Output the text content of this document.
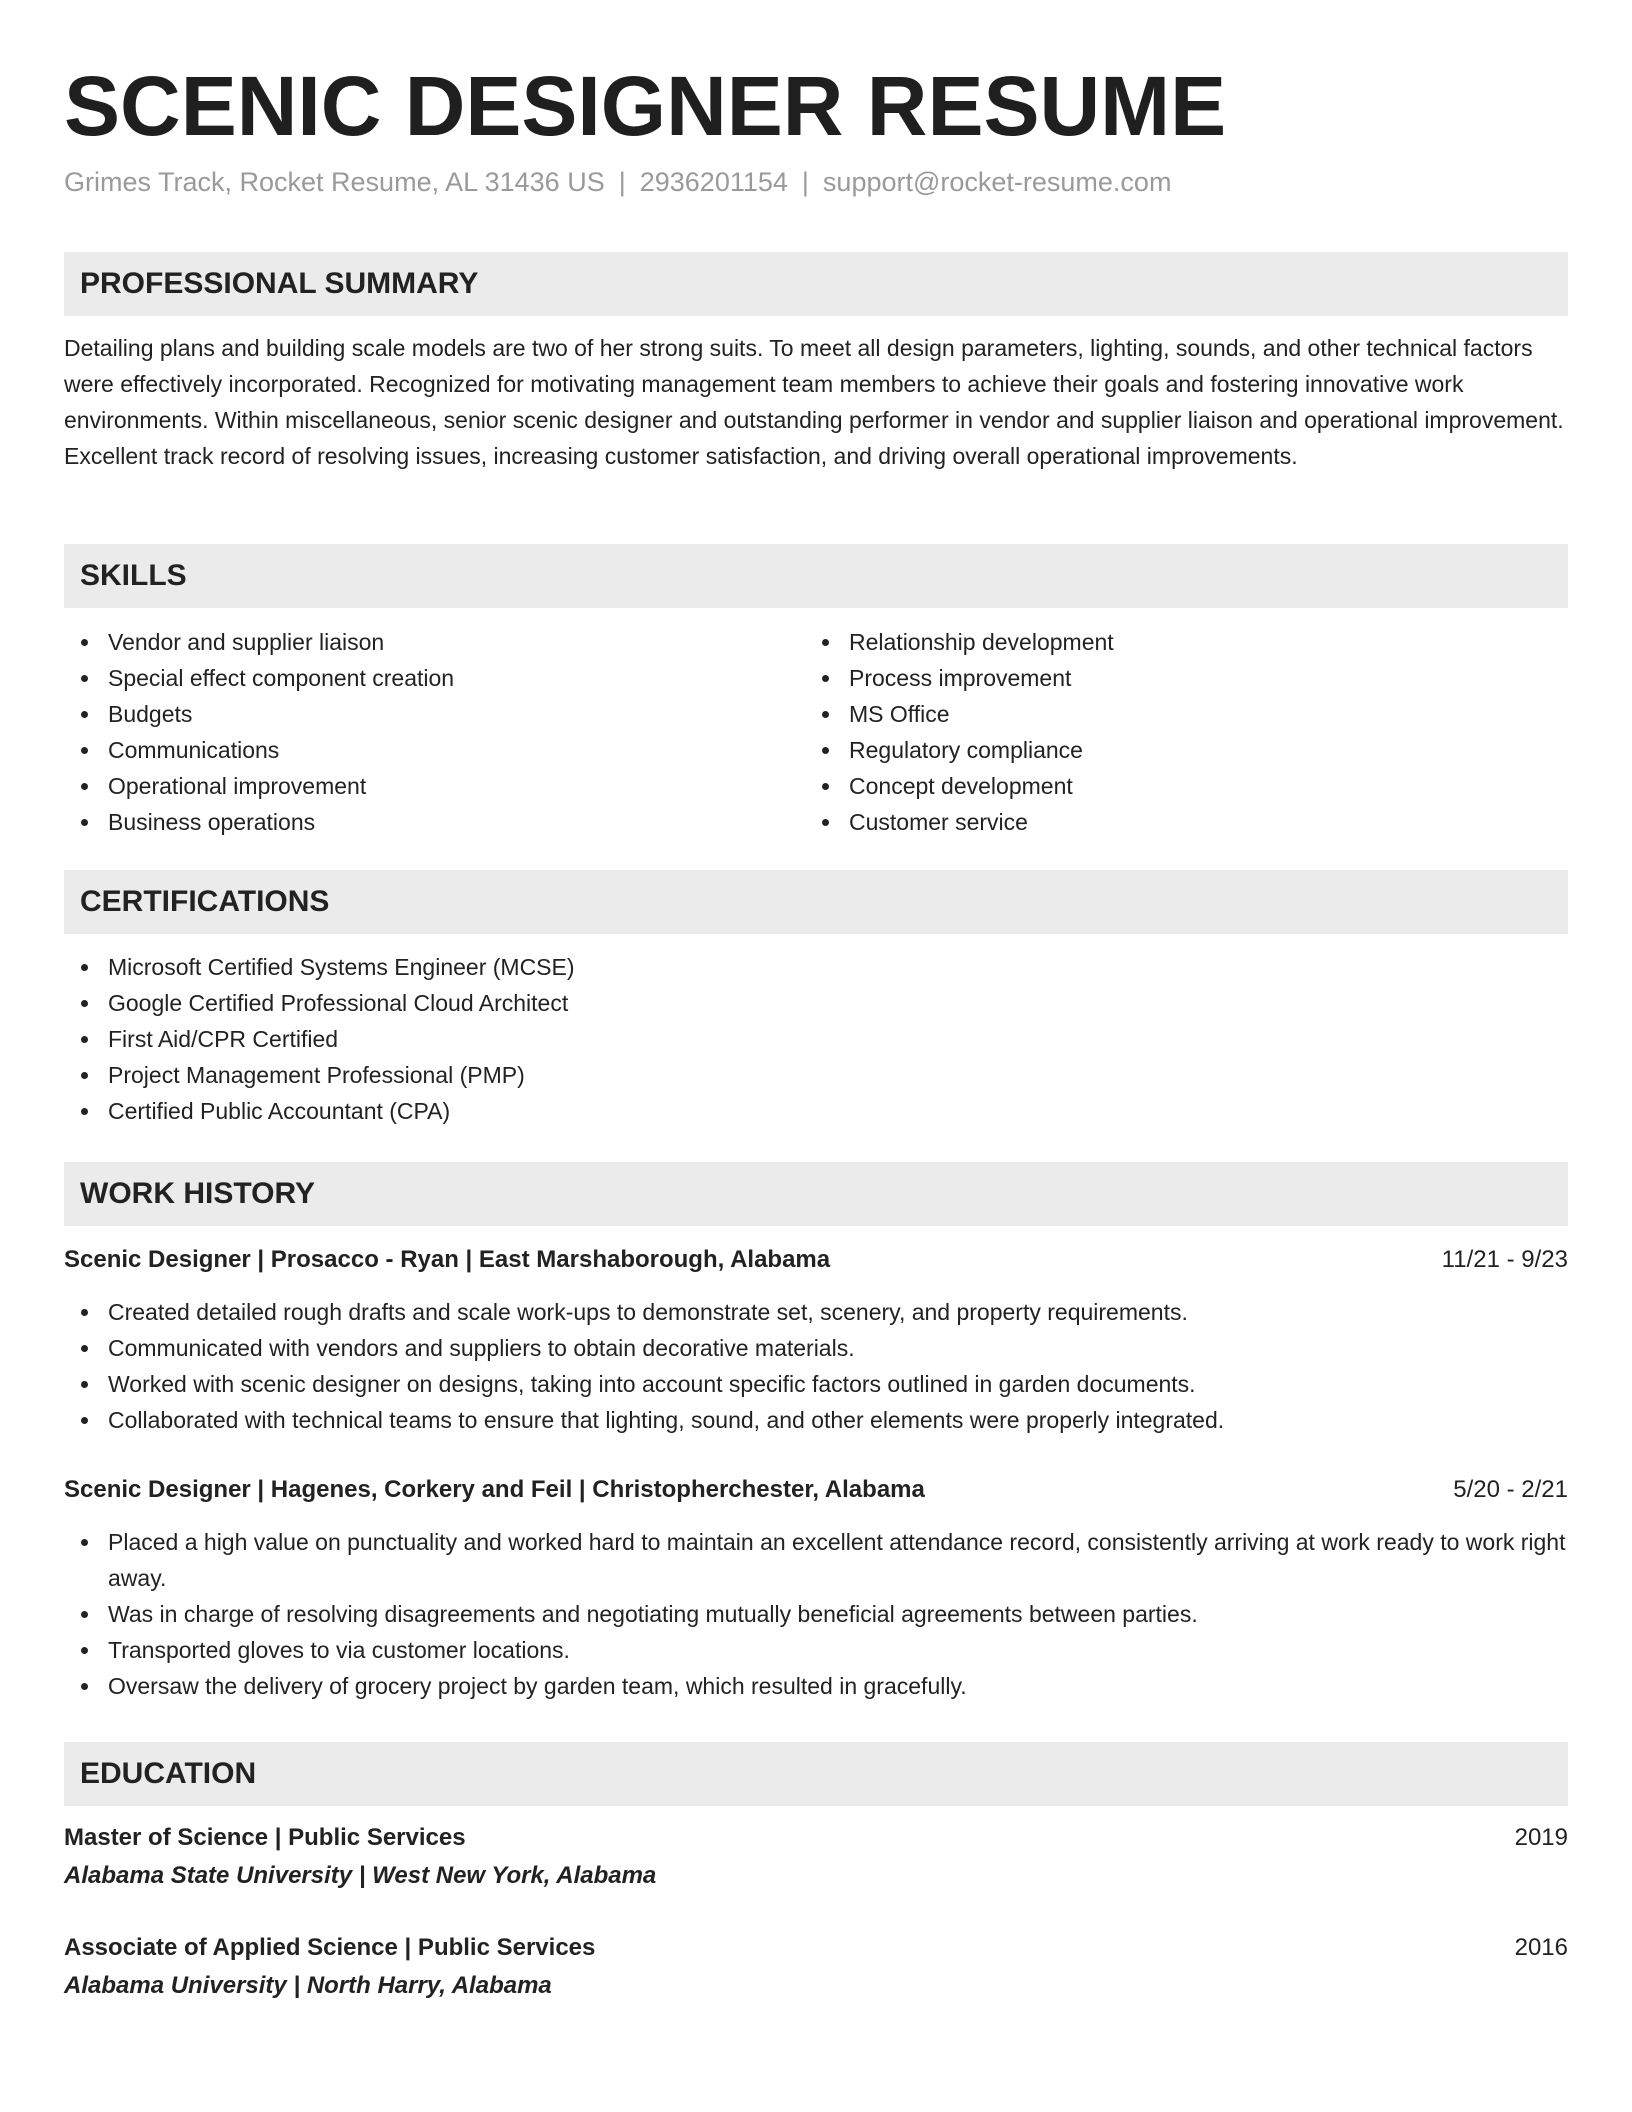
SCENIC DESIGNER RESUME
Grimes Track, Rocket Resume, AL 31436 US | 2936201154 | support@rocket-resume.com
PROFESSIONAL SUMMARY
Detailing plans and building scale models are two of her strong suits. To meet all design parameters, lighting, sounds, and other technical factors were effectively incorporated. Recognized for motivating management team members to achieve their goals and fostering innovative work environments. Within miscellaneous, senior scenic designer and outstanding performer in vendor and supplier liaison and operational improvement. Excellent track record of resolving issues, increasing customer satisfaction, and driving overall operational improvements.
SKILLS
Vendor and supplier liaison
Special effect component creation
Budgets
Communications
Operational improvement
Business operations
Relationship development
Process improvement
MS Office
Regulatory compliance
Concept development
Customer service
CERTIFICATIONS
Microsoft Certified Systems Engineer (MCSE)
Google Certified Professional Cloud Architect
First Aid/CPR Certified
Project Management Professional (PMP)
Certified Public Accountant (CPA)
WORK HISTORY
Scenic Designer | Prosacco - Ryan | East Marshaborough, Alabama	11/21 - 9/23
Created detailed rough drafts and scale work-ups to demonstrate set, scenery, and property requirements.
Communicated with vendors and suppliers to obtain decorative materials.
Worked with scenic designer on designs, taking into account specific factors outlined in garden documents.
Collaborated with technical teams to ensure that lighting, sound, and other elements were properly integrated.
Scenic Designer | Hagenes, Corkery and Feil | Christopherchester, Alabama	5/20 - 2/21
Placed a high value on punctuality and worked hard to maintain an excellent attendance record, consistently arriving at work ready to work right away.
Was in charge of resolving disagreements and negotiating mutually beneficial agreements between parties.
Transported gloves to via customer locations.
Oversaw the delivery of grocery project by garden team, which resulted in gracefully.
EDUCATION
Master of Science | Public Services	2019
Alabama State University | West New York, Alabama
Associate of Applied Science | Public Services	2016
Alabama University | North Harry, Alabama
